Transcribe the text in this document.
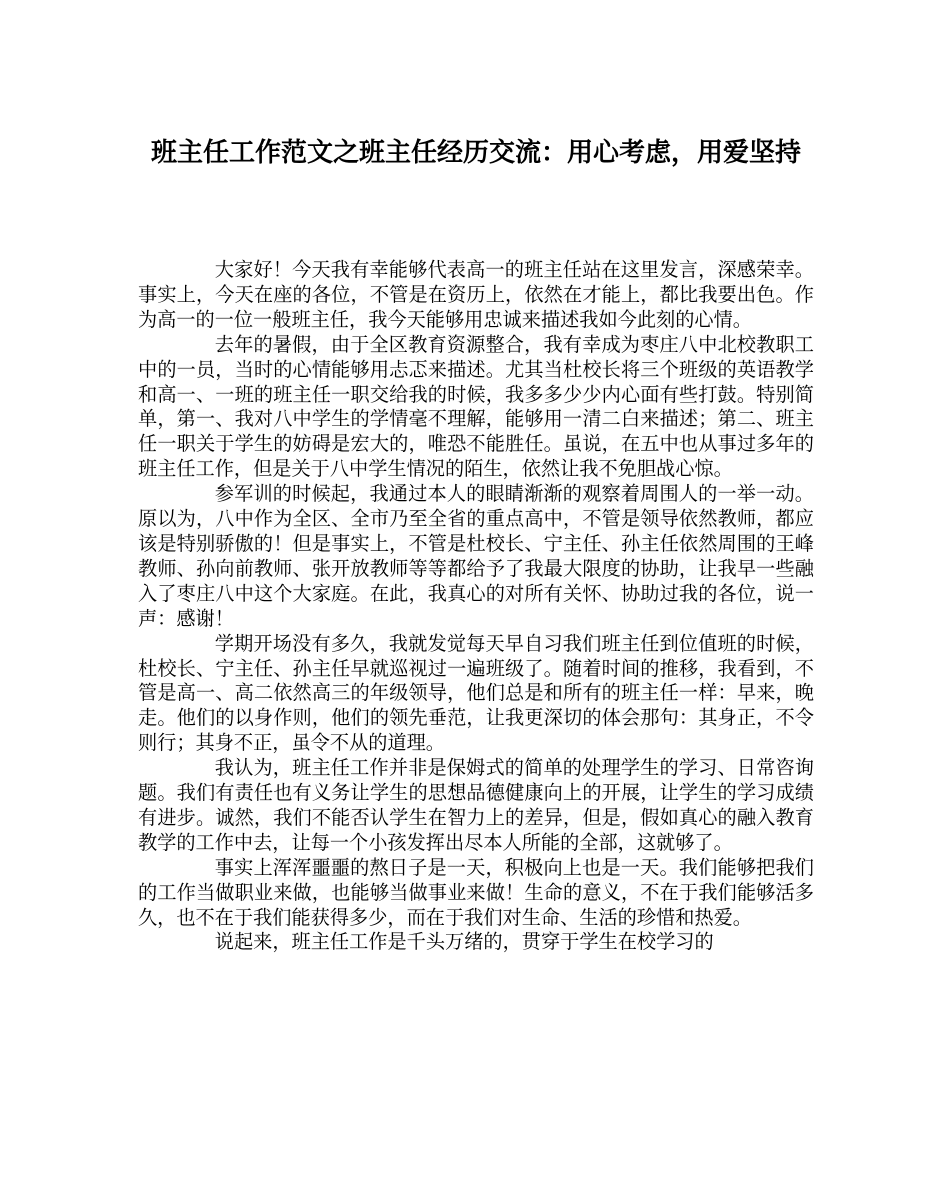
班主任工作范文之班主任经历交流：用心考虑，用爱坚持

大家好！今天我有幸能够代表高一的班主任站在这里发言，深感荣幸。事实上，今天在座的各位，不管是在资历上，依然在才能上，都比我要出色。作为高一的一位一般班主任，我今天能够用忠诚来描述我如今此刻的心情。

去年的暑假，由于全区教育资源整合，我有幸成为枣庄八中北校教职工中的一员，当时的心情能够用忐忑来描述。尤其当杜校长将三个班级的英语教学和高一、一班的班主任一职交给我的时候，我多多少少内心面有些打鼓。特别简单，第一、我对八中学生的学情毫不理解，能够用一清二白来描述；第二、班主任一职关于学生的妨碍是宏大的，唯恐不能胜任。虽说，在五中也从事过多年的班主任工作，但是关于八中学生情况的陌生，依然让我不免胆战心惊。

参军训的时候起，我通过本人的眼睛渐渐的观察着周围人的一举一动。原以为，八中作为全区、全市乃至全省的重点高中，不管是领导依然教师，都应该是特别骄傲的！但是事实上，不管是杜校长、宁主任、孙主任依然周围的王峰教师、孙向前教师、张开放教师等等都给予了我最大限度的协助，让我早一些融入了枣庄八中这个大家庭。在此，我真心的对所有关怀、协助过我的各位，说一声：感谢！

学期开场没有多久，我就发觉每天早自习我们班主任到位值班的时候，杜校长、宁主任、孙主任早就巡视过一遍班级了。随着时间的推移，我看到，不管是高一、高二依然高三的年级领导，他们总是和所有的班主任一样：早来，晚走。他们的以身作则，他们的领先垂范，让我更深切的体会那句：其身正，不令则行；其身不正，虽令不从的道理。

我认为，班主任工作并非是保姆式的简单的处理学生的学习、日常咨询题。我们有责任也有义务让学生的思想品德健康向上的开展，让学生的学习成绩有进步。诚然，我们不能否认学生在智力上的差异，但是，假如真心的融入教育教学的工作中去，让每一个小孩发挥出尽本人所能的全部，这就够了。

事实上浑浑噩噩的熬日子是一天，积极向上也是一天。我们能够把我们的工作当做职业来做，也能够当做事业来做！生命的意义，不在于我们能够活多久，也不在于我们能获得多少，而在于我们对生命、生活的珍惜和热爱。

说起来，班主任工作是千头万绪的，贯穿于学生在校学习的
